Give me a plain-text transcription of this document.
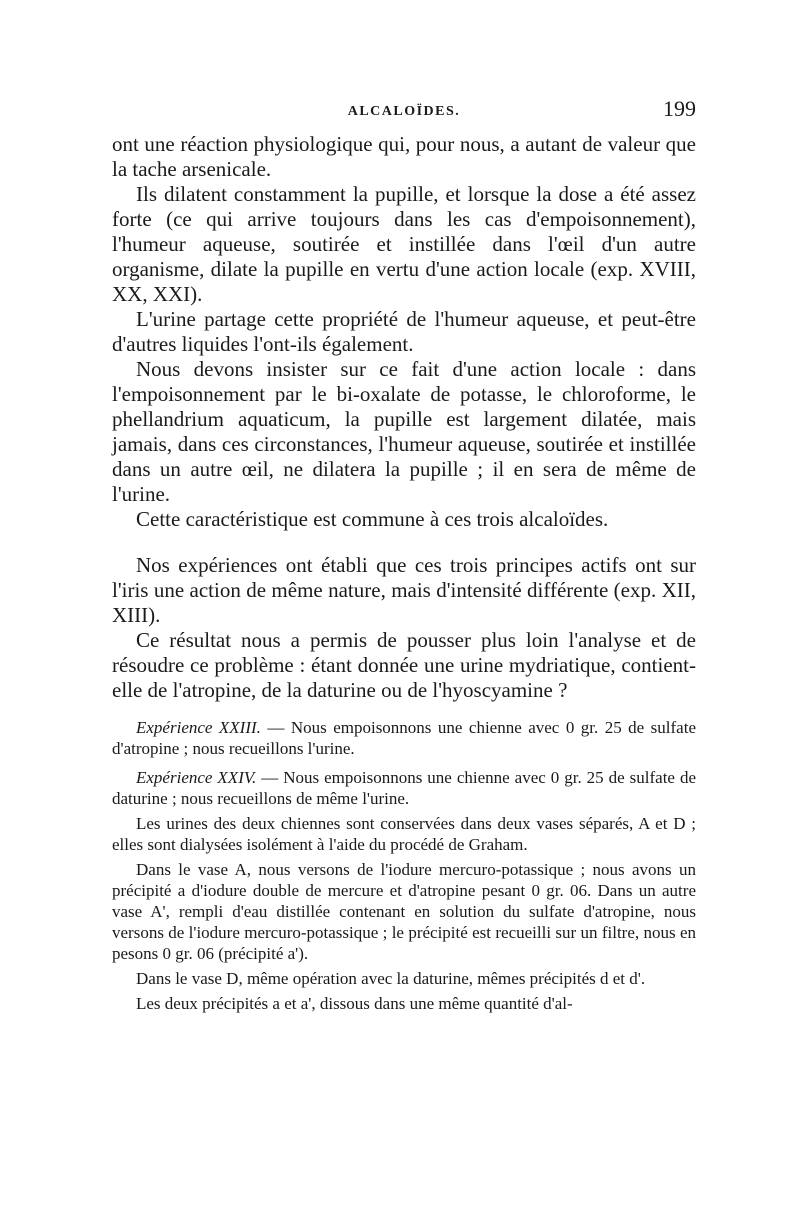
ALCALOÏDES.	199

ont une réaction physiologique qui, pour nous, a autant de valeur que la tache arsenicale.

Ils dilatent constamment la pupille, et lorsque la dose a été assez forte (ce qui arrive toujours dans les cas d'empoisonnement), l'humeur aqueuse, soutirée et instillée dans l'œil d'un autre organisme, dilate la pupille en vertu d'une action locale (exp. XVIII, XX, XXI).

L'urine partage cette propriété de l'humeur aqueuse, et peut-être d'autres liquides l'ont-ils également.

Nous devons insister sur ce fait d'une action locale : dans l'empoisonnement par le bi-oxalate de potasse, le chloroforme, le phellandrium aquaticum, la pupille est largement dilatée, mais jamais, dans ces circonstances, l'humeur aqueuse, soutirée et instillée dans un autre œil, ne dilatera la pupille ; il en sera de même de l'urine.

Cette caractéristique est commune à ces trois alcaloïdes.

Nos expériences ont établi que ces trois principes actifs ont sur l'iris une action de même nature, mais d'intensité différente (exp. XII, XIII).

Ce résultat nous a permis de pousser plus loin l'analyse et de résoudre ce problème : étant donnée une urine mydriatique, contient-elle de l'atropine, de la daturine ou de l'hyoscyamine ?

Expérience XXIII. — Nous empoisonnons une chienne avec 0 gr. 25 de sulfate d'atropine ; nous recueillons l'urine.

Expérience XXIV. — Nous empoisonnons une chienne avec 0 gr. 25 de sulfate de daturine ; nous recueillons de même l'urine.

Les urines des deux chiennes sont conservées dans deux vases séparés, A et D ; elles sont dialysées isolément à l'aide du procédé de Graham.

Dans le vase A, nous versons de l'iodure mercuro-potassique ; nous avons un précipité a d'iodure double de mercure et d'atropine pesant 0 gr. 06. Dans un autre vase A', rempli d'eau distillée contenant en solution du sulfate d'atropine, nous versons de l'iodure mercuro-potassique ; le précipité est recueilli sur un filtre, nous en pesons 0 gr. 06 (précipité a').

Dans le vase D, même opération avec la daturine, mêmes précipités d et d'.

Les deux précipités a et a', dissous dans une même quantité d'al-
